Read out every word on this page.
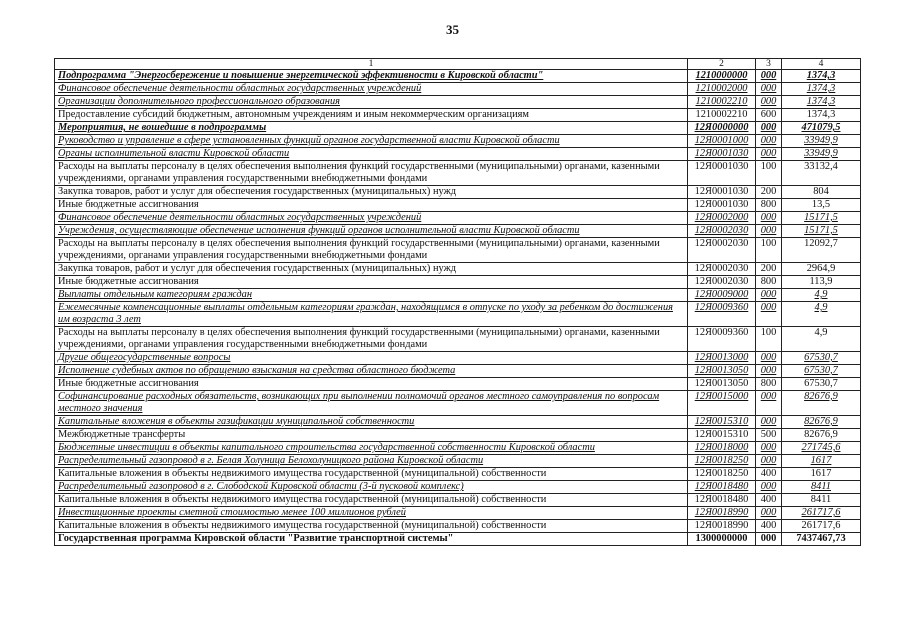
35
1	2	3	4
Подпрограмма "Энергосбережение и повышение энергетической эффективности в Кировской области"	1210000000	000	1374,3
Финансовое обеспечение деятельности областных государственных учреждений	1210002000	000	1374,3
Организации дополнительного профессионального образования	1210002210	000	1374,3
Предоставление субсидий бюджетным, автономным учреждениям и иным некоммерческим организациям	1210002210	600	1374,3
Мероприятия, не вошедшие в подпрограммы	12Я0000000	000	471079,5
Руководство и управление в сфере установленных функций органов государственной власти Кировской области	12Я0001000	000	33949,9
Органы исполнительной власти Кировской области	12Я0001030	000	33949,9
Расходы на выплаты персоналу в целях обеспечения выполнения функций государственными (муниципальными) органами, казенными учреждениями, органами управления государственными внебюджетными фондами	12Я0001030	100	33132,4
Закупка товаров, работ и услуг для обеспечения государственных (муниципальных) нужд	12Я0001030	200	804
Иные бюджетные ассигнования	12Я0001030	800	13,5
Финансовое обеспечение деятельности областных государственных учреждений	12Я0002000	000	15171,5
Учреждения, осуществляющие обеспечение исполнения функций органов исполнительной власти Кировской области	12Я0002030	000	15171,5
Расходы на выплаты персоналу в целях обеспечения выполнения функций государственными (муниципальными) органами, казенными учреждениями, органами управления государственными внебюджетными фондами	12Я0002030	100	12092,7
Закупка товаров, работ и услуг для обеспечения государственных (муниципальных) нужд	12Я0002030	200	2964,9
Иные бюджетные ассигнования	12Я0002030	800	113,9
Выплаты отдельным категориям граждан	12Я0009000	000	4,9
Ежемесячные компенсационные выплаты отдельным категориям граждан, находящимся в отпуске по уходу за ребенком до достижения им возраста 3 лет	12Я0009360	000	4,9
Расходы на выплаты персоналу в целях обеспечения выполнения функций государственными (муниципальными) органами, казенными учреждениями, органами управления государственными внебюджетными фондами	12Я0009360	100	4,9
Другие общегосударственные вопросы	12Я0013000	000	67530,7
Исполнение судебных актов по обращению взыскания на средства областного бюджета	12Я0013050	000	67530,7
Иные бюджетные ассигнования	12Я0013050	800	67530,7
Софинансирование расходных обязательств, возникающих при выполнении полномочий органов местного самоуправления по вопросам местного значения	12Я0015000	000	82676,9
Капитальные вложения в объекты газификации муниципальной собственности	12Я0015310	000	82676,9
Межбюджетные трансферты	12Я0015310	500	82676,9
Бюджетные инвестиции в объекты капитального строительства государственной собственности Кировской области	12Я0018000	000	271745,6
Распределительный газопровод в г. Белая Холуница Белохолуницкого района Кировской области	12Я0018250	000	1617
Капитальные вложения в объекты недвижимого имущества государственной (муниципальной) собственности	12Я0018250	400	1617
Распределительный газопровод в г. Слободской Кировской области (3-й пусковой комплекс)	12Я0018480	000	8411
Капитальные вложения в объекты недвижимого имущества государственной (муниципальной) собственности	12Я0018480	400	8411
Инвестиционные проекты сметной стоимостью менее 100 миллионов рублей	12Я0018990	000	261717,6
Капитальные вложения в объекты недвижимого имущества государственной (муниципальной) собственности	12Я0018990	400	261717,6
Государственная программа Кировской области "Развитие транспортной системы"	1300000000	000	7437467,73
